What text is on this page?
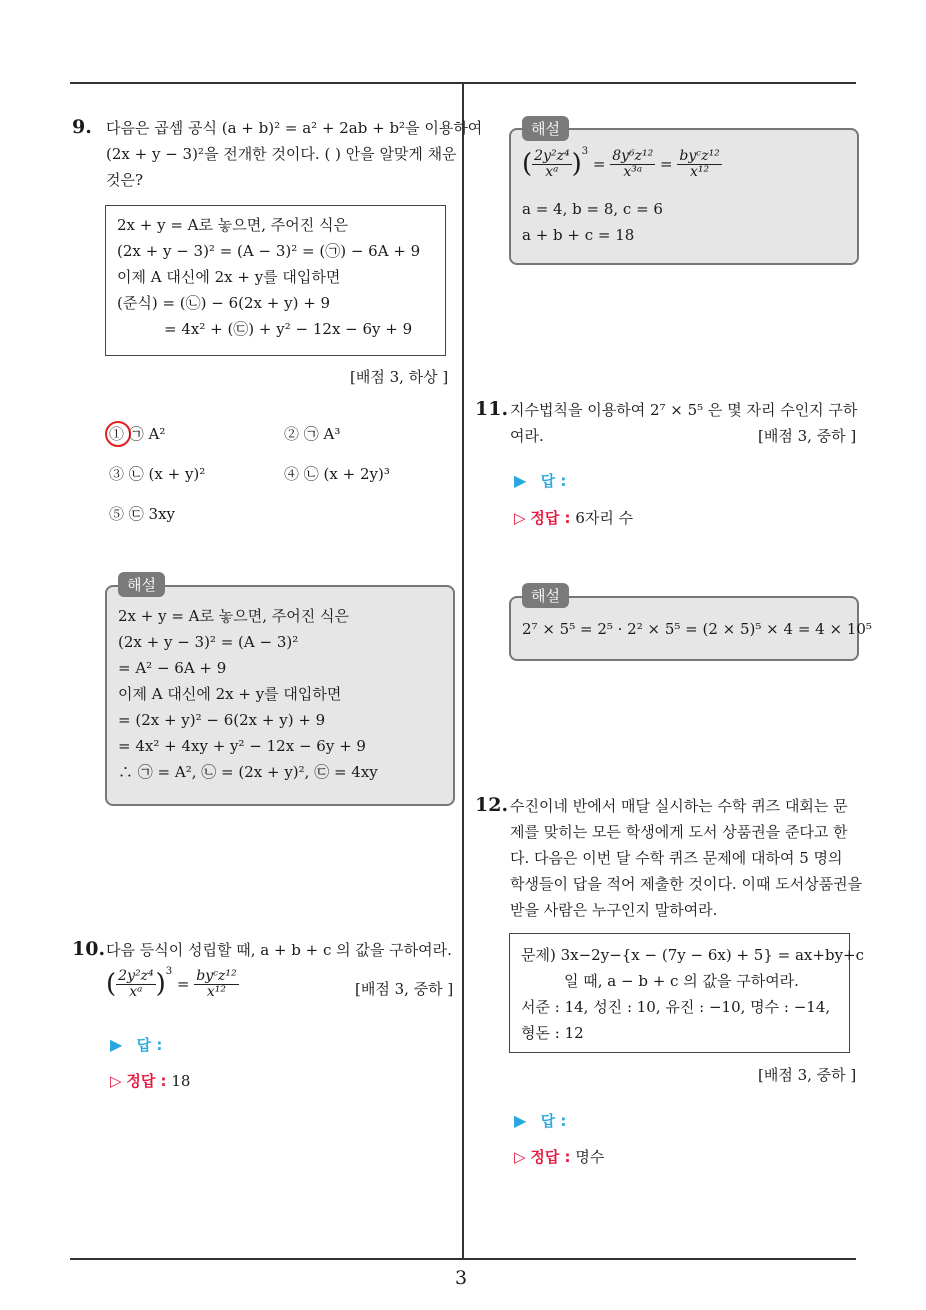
3
9. 다음은 곱셈 공식 (a + b)² = a² + 2ab + b²을 이용하여
(2x + y − 3)²을 전개한 것이다. ( ) 안을 알맞게 채운
것은?
2x + y = A로 놓으면, 주어진 식은
(2x + y − 3)² = (A − 3)² = (㉠) − 6A + 9
이제 A 대신에 2x + y를 대입하면
(준식) = (㉡) − 6(2x + y) + 9
= 4x² + (㉢) + y² − 12x − 6y + 9
[배점 3, 하상 ]
① ㉠ A²	② ㉠ A³
③ ㉡ (x + y)²	④ ㉡ (x + 2y)³
⑤ ㉢ 3xy
2x + y = A로 놓으면, 주어진 식은
(2x + y − 3)² = (A − 3)²
= A² − 6A + 9
이제 A 대신에 2x + y를 대입하면
= (2x + y)² − 6(2x + y) + 9
= 4x² + 4xy + y² − 12x − 6y + 9
∴ ㉠ = A², ㉡ = (2x + y)², ㉢ = 4xy
해설
10. 다음 등식이 성립할 때, a + b + c 의 값을 구하여라.
( $\frac{\text{2y²z⁴}}{\text{xᵃ}} )^3 = \frac{\text{byᶜz¹²}}{\text{x¹²}}$	[배점 3, 중하 ]
▶ 답 :
▷ 정답 : 18
( $\frac{\text{2y²z⁴}}{\text{xᵃ}} )^3 = \frac{\text{8y⁶z¹²}}{\text{x³ᵃ}} = \frac{\text{byᶜz¹²}}{\text{x¹²}}$
a = 4, b = 8, c = 6
a + b + c = 18
해설
11. 지수법칙을 이용하여 2⁷ × 5⁵ 은 몇 자리 수인지 구하
여라.	[배점 3, 중하 ]
▶ 답 :
▷ 정답 : 6자리 수
2⁷ × 5⁵ = 2⁵ · 2² × 5⁵ = (2 × 5)⁵ × 4 = 4 × 10⁵
해설
12. 수진이네 반에서 매달 실시하는 수학 퀴즈 대회는 문
제를 맞히는 모든 학생에게 도서 상품권을 준다고 한
다. 다음은 이번 달 수학 퀴즈 문제에 대하여 5 명의
학생들이 답을 적어 제출한 것이다. 이때 도서상품권을
받을 사람은 누구인지 말하여라.
문제) 3x−2y−{x − (7y − 6x) + 5} = ax+by+c
일 때, a − b + c 의 값을 구하여라.
서준 : 14, 성진 : 10, 유진 : −10, 명수 : −14,
형돈 : 12
[배점 3, 중하 ]
▶ 답 :
▷ 정답 : 명수
